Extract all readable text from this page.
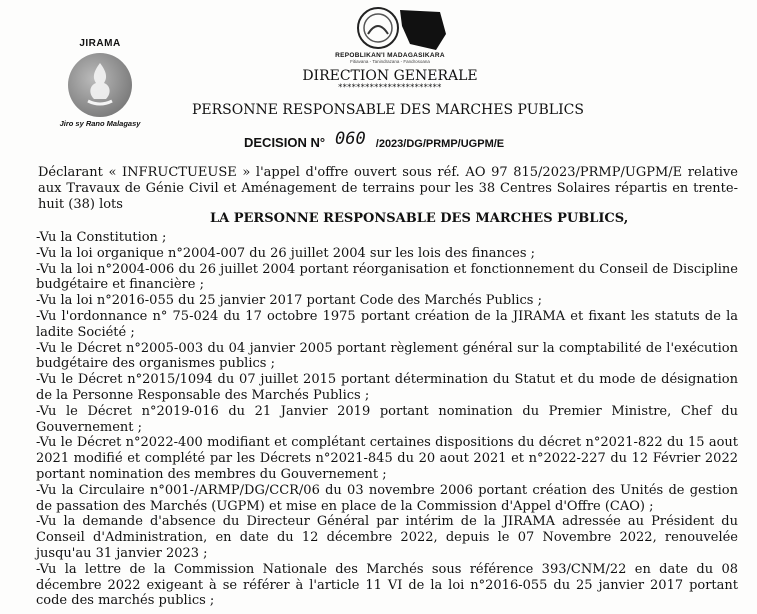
JIRAMA
Jiro sy Rano Malagasy
REPOBLIKAN'I MADAGASIKARA
Fitiavana - Tanindrazana - Fandrosoana
DIRECTION GENERALE
***********************
PERSONNE RESPONSABLE DES MARCHES PUBLICS
DECISION N° 060 /2023/DG/PRMP/UGPM/E
Déclarant « INFRUCTUEUSE » l'appel d'offre ouvert sous réf. AO 97 815/2023/PRMP/UGPM/E relative aux Travaux de Génie Civil et Aménagement de terrains pour les 38 Centres Solaires répartis en trente-huit (38) lots
LA PERSONNE RESPONSABLE DES MARCHES PUBLICS,
-Vu la Constitution ;
-Vu la loi organique n°2004-007 du 26 juillet 2004 sur les lois des finances ;
-Vu la loi n°2004-006 du 26 juillet 2004 portant réorganisation et fonctionnement du Conseil de Discipline budgétaire et financière ;
-Vu la loi n°2016-055 du 25 janvier 2017 portant Code des Marchés Publics ;
-Vu l'ordonnance n° 75-024 du 17 octobre 1975 portant création de la JIRAMA et fixant les statuts de la ladite Société ;
-Vu le Décret n°2005-003 du 04 janvier 2005 portant règlement général sur la comptabilité de l'exécution budgétaire des organismes publics ;
-Vu le Décret n°2015/1094 du 07 juillet 2015 portant détermination du Statut et du mode de désignation de la Personne Responsable des Marchés Publics ;
-Vu le Décret n°2019-016 du 21 Janvier 2019 portant nomination du Premier Ministre, Chef du Gouvernement ;
-Vu le Décret n°2022-400 modifiant et complétant certaines dispositions du décret n°2021-822 du 15 aout 2021 modifié et complété par les Décrets n°2021-845 du 20 aout 2021 et n°2022-227 du 12 Février 2022 portant nomination des membres du Gouvernement ;
-Vu la Circulaire n°001-/ARMP/DG/CCR/06 du 03 novembre 2006 portant création des Unités de gestion de passation des Marchés (UGPM) et mise en place de la Commission d'Appel d'Offre (CAO) ;
-Vu la demande d'absence du Directeur Général par intérim de la JIRAMA adressée au Président du Conseil d'Administration, en date du 12 décembre 2022, depuis le 07 Novembre 2022, renouvelée jusqu'au 31 janvier 2023 ;
-Vu la lettre de la Commission Nationale des Marchés sous référence 393/CNM/22 en date du 08 décembre 2022 exigeant à se référer à l'article 11 VI de la loi n°2016-055 du 25 janvier 2017 portant code des marchés publics ;
